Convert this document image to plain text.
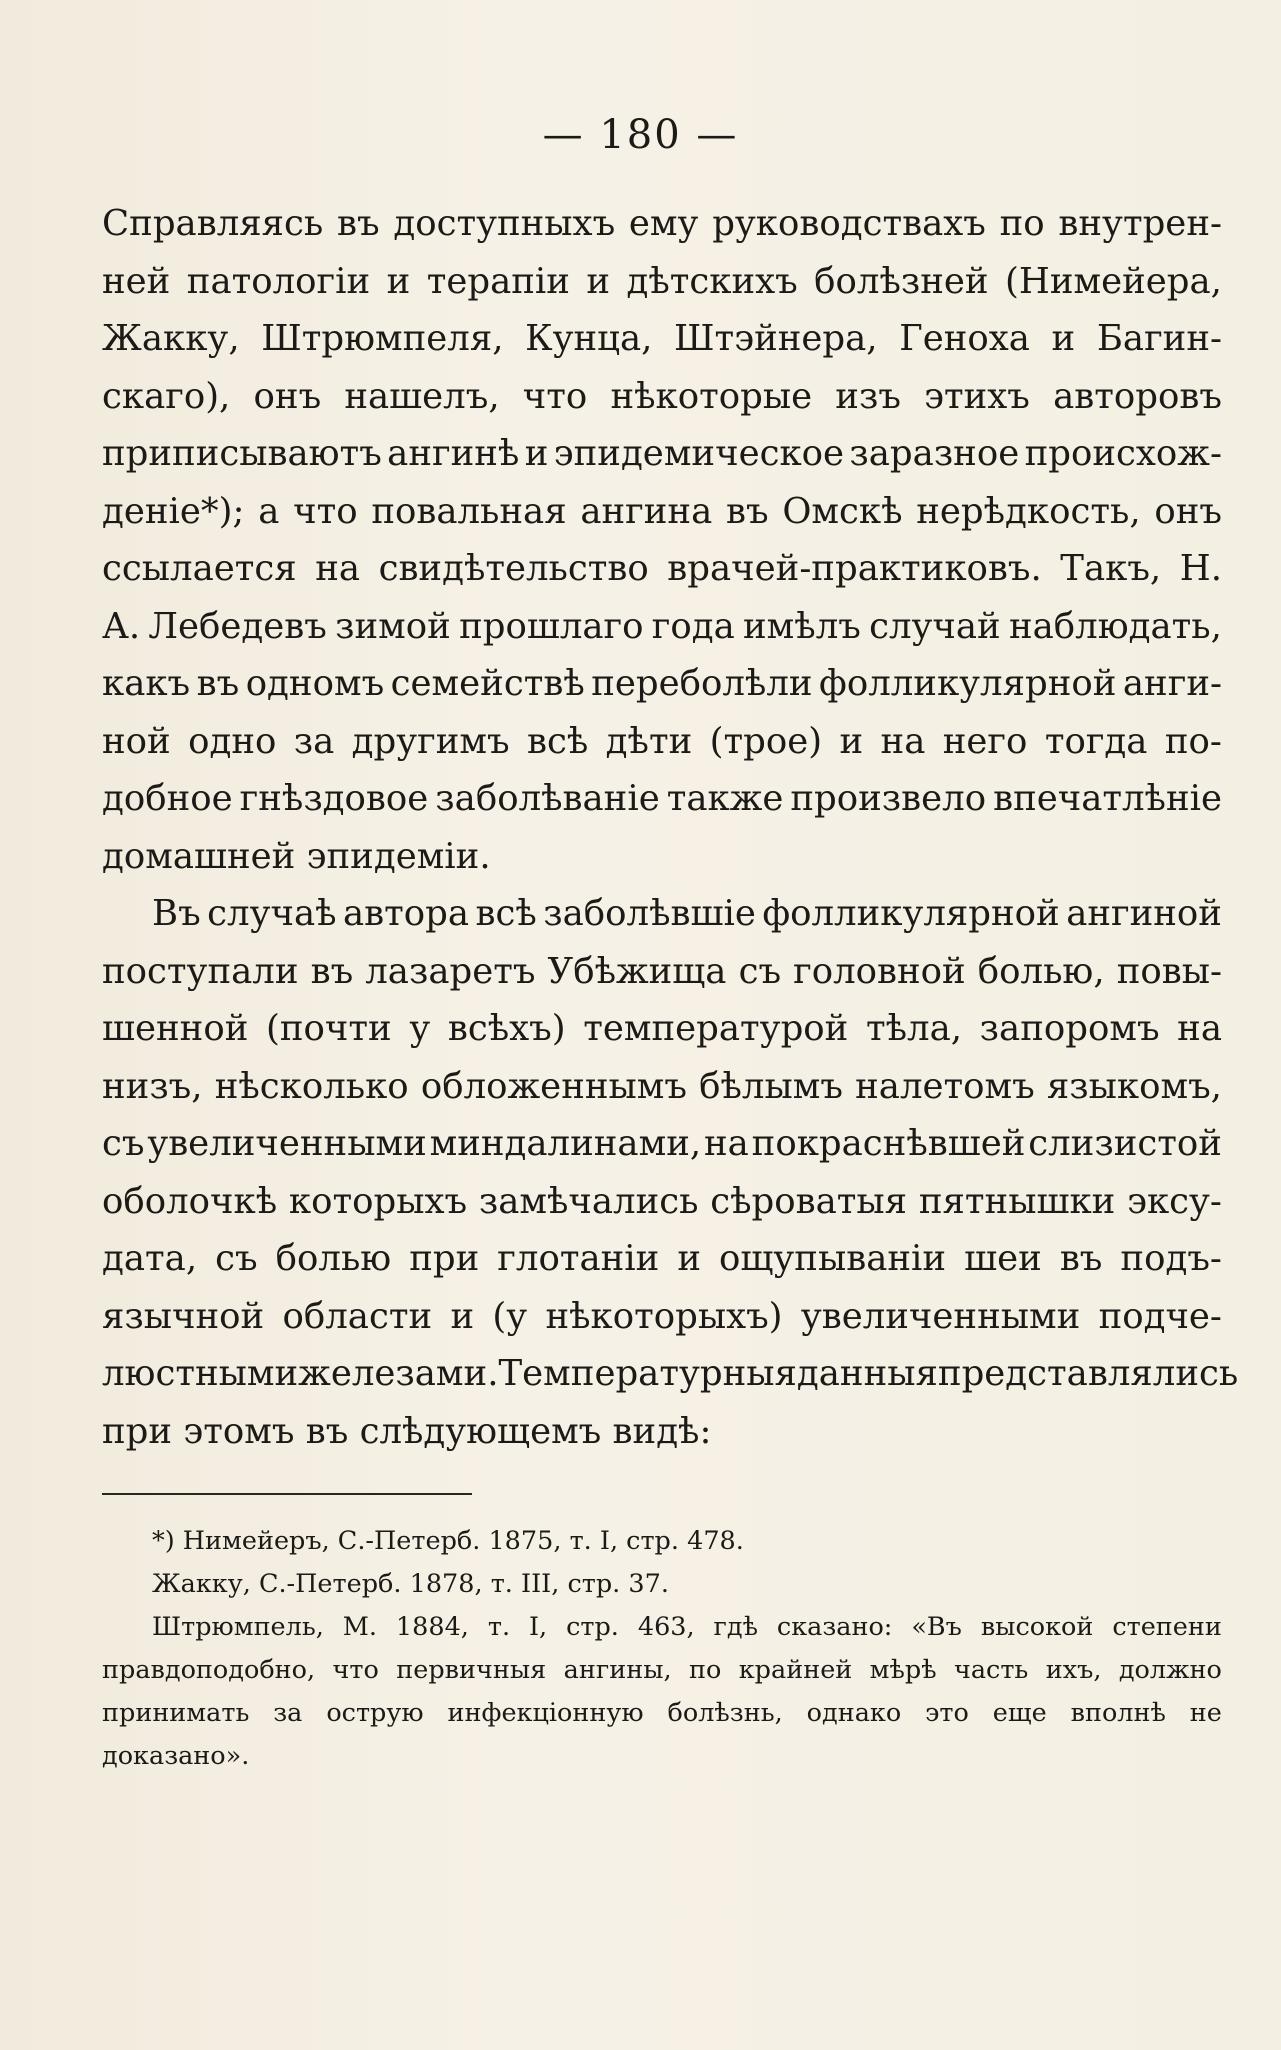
— 180 —
Справляясь въ доступныхъ ему руководствахъ по внутрен-
ней патологіи и терапіи и дѣтскихъ болѣзней (Нимейера,
Жакку, Штрюмпеля, Кунца, Штэйнера, Геноха и Багин-
скаго), онъ нашелъ, что нѣкоторые изъ этихъ авторовъ
приписываютъ ангинѣ и эпидемическое заразное происхож-
деніе*); а что повальная ангина въ Омскѣ нерѣдкость, онъ
ссылается на свидѣтельство врачей-практиковъ. Такъ, Н.
А. Лебедевъ зимой прошлаго года имѣлъ случай наблюдать,
какъ въ одномъ семействѣ переболѣли фолликулярной анги-
ной одно за другимъ всѣ дѣти (трое) и на него тогда по-
добное гнѣздовое заболѣваніе также произвело впечатлѣніе
домашней эпидеміи.
Въ случаѣ автора всѣ заболѣвшіе фолликулярной ангиной
поступали въ лазаретъ Убѣжища съ головной болью, повы-
шенной (почти у всѣхъ) температурой тѣла, запоромъ на
низъ, нѣсколько обложеннымъ бѣлымъ налетомъ языкомъ,
съ увеличенными миндалинами, на покраснѣвшей слизистой
оболочкѣ которыхъ замѣчались сѣроватыя пятнышки эксу-
дата, съ болью при глотаніи и ощупываніи шеи въ подъ-
язычной области и (у нѣкоторыхъ) увеличенными подче-
люстными железами. Температурныя данныя представлялись
при этомъ въ слѣдующемъ видѣ:
*) Нимейеръ, С.-Петерб. 1875, т. I, стр. 478.
Жакку, С.-Петерб. 1878, т. III, стр. 37.
Штрюмпель, М. 1884, т. I, стр. 463, гдѣ сказано: «Въ высокой степени
правдоподобно, что первичныя ангины, по крайней мѣрѣ часть ихъ, должно
принимать за острую инфекціонную болѣзнь, однако это еще вполнѣ не
доказано».
